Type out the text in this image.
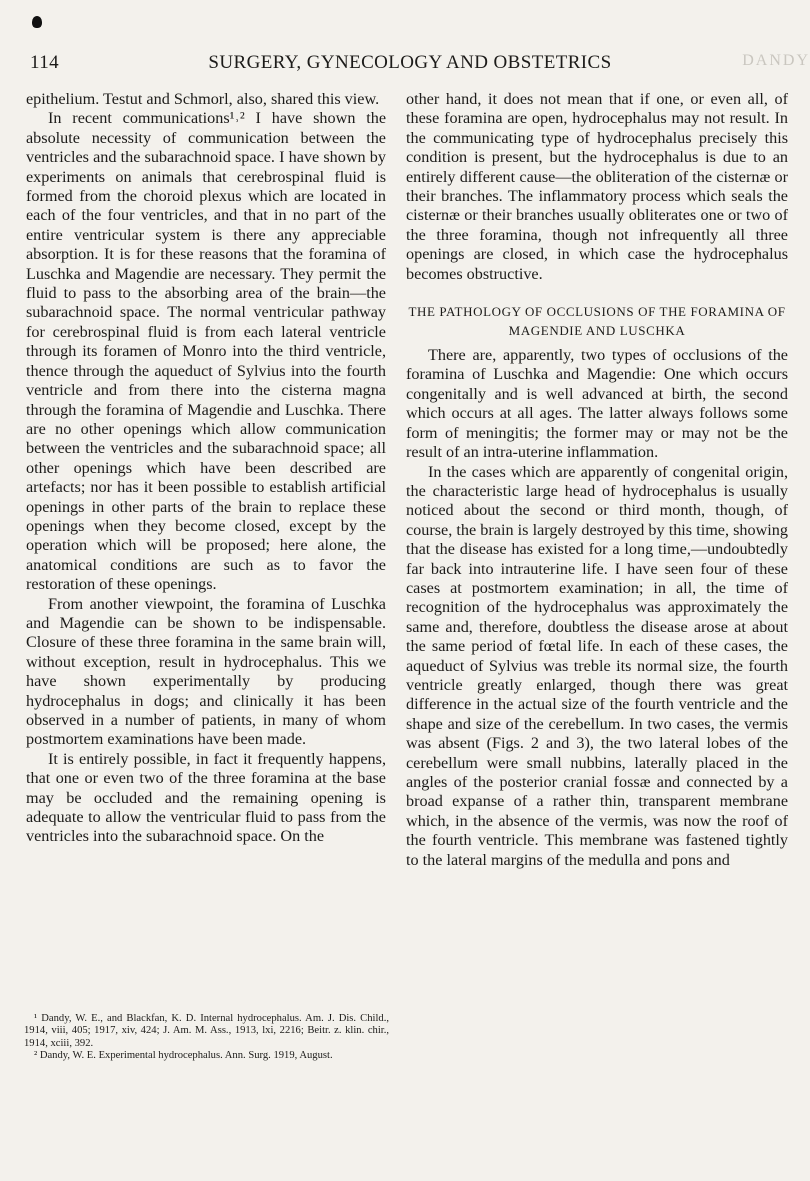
114	SURGERY, GYNECOLOGY AND OBSTETRICS	DANDY

epithelium. Testut and Schmorl, also, shared this view.

In recent communications¹˒² I have shown the absolute necessity of communication between the ventricles and the subarachnoid space. I have shown by experiments on animals that cerebrospinal fluid is formed from the choroid plexus which are located in each of the four ventricles, and that in no part of the entire ventricular system is there any appreciable absorption. It is for these reasons that the foramina of Luschka and Magendie are necessary. They permit the fluid to pass to the absorbing area of the brain—the subarachnoid space. The normal ventricular pathway for cerebrospinal fluid is from each lateral ventricle through its foramen of Monro into the third ventricle, thence through the aqueduct of Sylvius into the fourth ventricle and from there into the cisterna magna through the foramina of Magendie and Luschka. There are no other openings which allow communication between the ventricles and the subarachnoid space; all other openings which have been described are artefacts; nor has it been possible to establish artificial openings in other parts of the brain to replace these openings when they become closed, except by the operation which will be proposed; here alone, the anatomical conditions are such as to favor the restoration of these openings.

From another viewpoint, the foramina of Luschka and Magendie can be shown to be indispensable. Closure of these three foramina in the same brain will, without exception, result in hydrocephalus. This we have shown experimentally by producing hydrocephalus in dogs; and clinically it has been observed in a number of patients, in many of whom postmortem examinations have been made.

It is entirely possible, in fact it frequently happens, that one or even two of the three foramina at the base may be occluded and the remaining opening is adequate to allow the ventricular fluid to pass from the ventricles into the subarachnoid space. On the

¹ Dandy, W. E., and Blackfan, K. D. Internal hydrocephalus. Am. J. Dis. Child., 1914, viii, 405; 1917, xiv, 424; J. Am. M. Ass., 1913, lxi, 2216; Beitr. z. klin. chir., 1914, xciii, 392.

² Dandy, W. E. Experimental hydrocephalus. Ann. Surg. 1919, August.

other hand, it does not mean that if one, or even all, of these foramina are open, hydrocephalus may not result. In the communicating type of hydrocephalus precisely this condition is present, but the hydrocephalus is due to an entirely different cause—the obliteration of the cisternæ or their branches. The inflammatory process which seals the cisternæ or their branches usually obliterates one or two of the three foramina, though not infrequently all three openings are closed, in which case the hydrocephalus becomes obstructive.

THE PATHOLOGY OF OCCLUSIONS OF THE FORAMINA OF MAGENDIE AND LUSCHKA

There are, apparently, two types of occlusions of the foramina of Luschka and Magendie: One which occurs congenitally and is well advanced at birth, the second which occurs at all ages. The latter always follows some form of meningitis; the former may or may not be the result of an intra-uterine inflammation.

In the cases which are apparently of congenital origin, the characteristic large head of hydrocephalus is usually noticed about the second or third month, though, of course, the brain is largely destroyed by this time, showing that the disease has existed for a long time,—undoubtedly far back into intrauterine life. I have seen four of these cases at postmortem examination; in all, the time of recognition of the hydrocephalus was approximately the same and, therefore, doubtless the disease arose at about the same period of fœtal life. In each of these cases, the aqueduct of Sylvius was treble its normal size, the fourth ventricle greatly enlarged, though there was great difference in the actual size of the fourth ventricle and the shape and size of the cerebellum. In two cases, the vermis was absent (Figs. 2 and 3), the two lateral lobes of the cerebellum were small nubbins, laterally placed in the angles of the posterior cranial fossæ and connected by a broad expanse of a rather thin, transparent membrane which, in the absence of the vermis, was now the roof of the fourth ventricle. This membrane was fastened tightly to the lateral margins of the medulla and pons and
